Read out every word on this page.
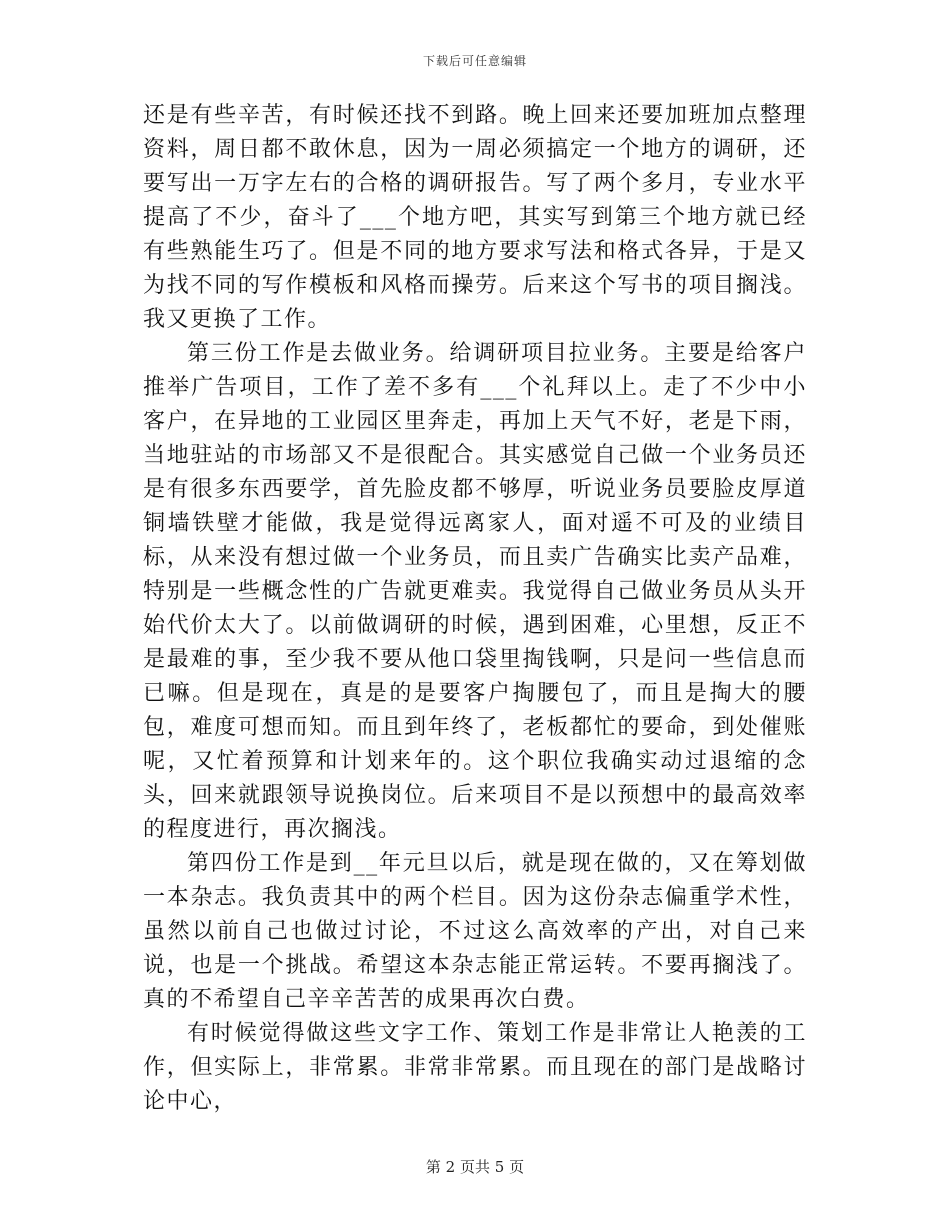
下载后可任意编辑

还是有些辛苦，有时候还找不到路。晚上回来还要加班加点整理资料，周日都不敢休息，因为一周必须搞定一个地方的调研，还要写出一万字左右的合格的调研报告。写了两个多月，专业水平提高了不少，奋斗了___个地方吧，其实写到第三个地方就已经有些熟能生巧了。但是不同的地方要求写法和格式各异，于是又为找不同的写作模板和风格而操劳。后来这个写书的项目搁浅。我又更换了工作。

第三份工作是去做业务。给调研项目拉业务。主要是给客户推举广告项目，工作了差不多有___个礼拜以上。走了不少中小客户，在异地的工业园区里奔走，再加上天气不好，老是下雨，当地驻站的市场部又不是很配合。其实感觉自己做一个业务员还是有很多东西要学，首先脸皮都不够厚，听说业务员要脸皮厚道铜墙铁壁才能做，我是觉得远离家人，面对遥不可及的业绩目标，从来没有想过做一个业务员，而且卖广告确实比卖产品难，特别是一些概念性的广告就更难卖。我觉得自己做业务员从头开始代价太大了。以前做调研的时候，遇到困难，心里想，反正不是最难的事，至少我不要从他口袋里掏钱啊，只是问一些信息而已嘛。但是现在，真是的是要客户掏腰包了，而且是掏大的腰包，难度可想而知。而且到年终了，老板都忙的要命，到处催账呢，又忙着预算和计划来年的。这个职位我确实动过退缩的念头，回来就跟领导说换岗位。后来项目不是以预想中的最高效率的程度进行，再次搁浅。

第四份工作是到__年元旦以后，就是现在做的，又在筹划做一本杂志。我负责其中的两个栏目。因为这份杂志偏重学术性，虽然以前自己也做过讨论，不过这么高效率的产出，对自己来说，也是一个挑战。希望这本杂志能正常运转。不要再搁浅了。真的不希望自己辛辛苦苦的成果再次白费。

有时候觉得做这些文字工作、策划工作是非常让人艳羡的工作，但实际上，非常累。非常非常累。而且现在的部门是战略讨论中心，

第 2 页共 5 页
